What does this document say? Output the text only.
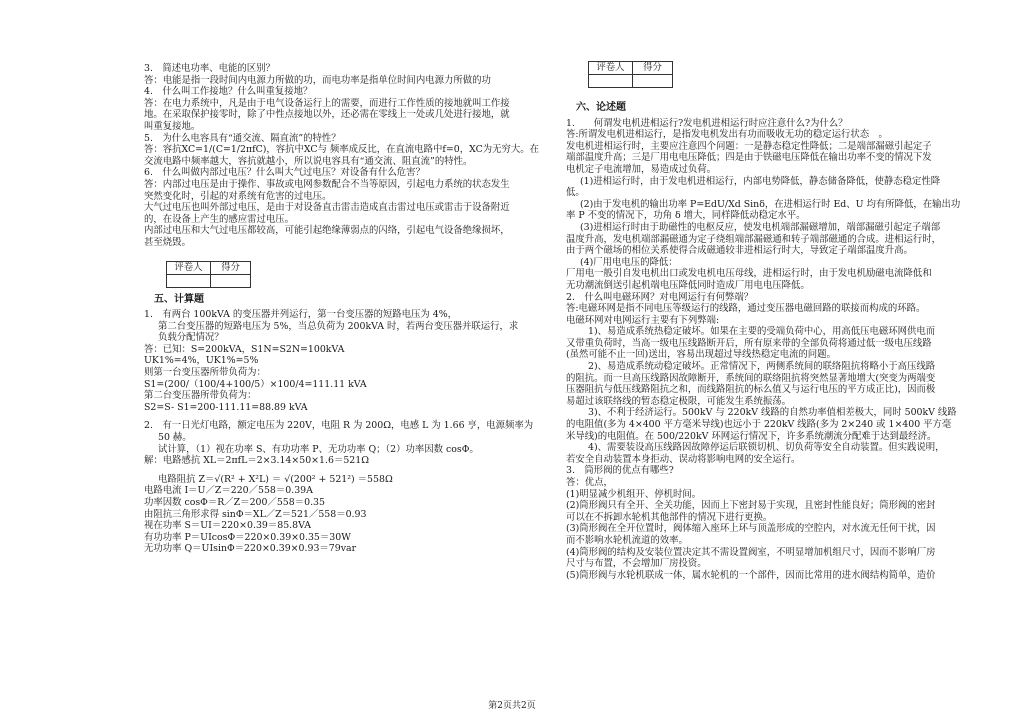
3.　简述电功率、电能的区别？
答：电能是指一段时间内电源力所做的功，而电功率是指单位时间内电源力所做的功
4.　什么叫工作接地？什么叫重复接地？
答：在电力系统中，凡是由于电气设备运行上的需要，而进行工作性质的接地就叫工作接
地。在采取保护接零时，除了中性点接地以外，还必需在零线上一处或几处进行接地，就
叫重复接地。
5.　为什么电容具有“通交流、隔直流”的特性？
答：容抗XC=1/(C=1/2πfC)，容抗中XC与 频率成反比，在直流电路中f=0，XC为无穷大。在
交流电路中频率越大，容抗就越小，所以说电容具有“通交流、阻直流”的特性。
6.　什么叫做内部过电压？什么叫大气过电压？对设备有什么危害？
答：内部过电压是由于操作、事故或电网参数配合不当等原因，引起电力系统的状态发生
突然变化时，引起的对系统有危害的过电压。
大气过电压也叫外部过电压，是由于对设备直击雷击造成直击雷过电压或雷击于设备附近
的，在设备上产生的感应雷过电压。
内部过电压和大气过电压都较高，可能引起绝缘薄弱点的闪络，引起电气设备绝缘损坏，
甚至烧毁。
评卷人	得分

五、计算题
1.　有两台 100kVA 的变压器并列运行，第一台变压器的短路电压为 4%，
第二台变压器的短路电压为 5%，当总负荷为 200kVA 时，若两台变压器并联运行，求
负载分配情况？
答：已知：S=200kVA，S1N=S2N=100kVA
UK1%=4%，UK1%=5%
则第一台变压器所带负荷为：
S1=(200/（100/4+100/5）×100/4=111.11 kVA
第二台变压器所带负荷为：
S2=S- S1=200-111.11=88.89 kVA
2.　有一日光灯电路，额定电压为 220V，电阻 R 为 200Ω，电感 L 为 1.66 亨，电源频率为
50 赫。
试计算，（1）视在功率 S、有功功率 P、无功功率 Q；（2）功率因数 cosΦ。
解：电路感抗 XL＝2πfL＝2×3.14×50×1.6＝521Ω
电路阻抗 Z＝√(R² + X²L) ＝ √(200² + 521²) ＝558Ω
电路电流 I＝U／Z＝220／558＝0.39A
功率因数 cosΦ＝R／Z＝200／558＝0.35
由阻抗三角形求得 sinΦ＝XL／Z＝521／558＝0.93
视在功率 S＝UI＝220×0.39＝85.8VA
有功功率 P＝UIcosΦ＝220×0.39×0.35＝30W
无功功率 Q＝UIsinΦ＝220×0.39×0.93＝79var
评卷人	得分

六、论述题
1.　　何谓发电机进相运行?发电机进相运行时应注意什么?为什么？
答:所谓发电机进相运行，是指发电机发出有功而吸收无功的稳定运行状态　。
发电机进相运行时，主要应注意四个问题：一是静态稳定性降低；二是端部漏磁引起定子
端部温度升高；三是厂用电电压降低；四是由于铁磁电压降低在输出功率不变的情况下发
电机定子电流增加，易造成过负荷。
(1)进相运行时，由于发电机进相运行，内部电势降低，静态储备降低，使静态稳定性降
低。
(2)由于发电机的输出功率 P=EdU/Xd Sinδ，在进相运行时 Ed、U 均有所降低，在输出功
率 P 不变的情况下，功角 δ 增大，同样降低动稳定水平。
(3)进相运行时由于助磁性的电枢反应，使发电机端部漏磁增加，端部漏磁引起定子端部
温度升高，发电机端部漏磁通为定子绕组端部漏磁通和转子端部磁通的合成。进相运行时，
由于两个磁场的相位关系使得合成磁通较非进相运行时大，导致定子端部温度升高。
(4)厂用电电压的降低：
厂用电一般引自发电机出口或发电机电压母线，进相运行时，由于发电机励磁电流降低和
无功潮流倒送引起机端电压降低同时造成厂用电电压降低。
2.　什么叫电磁环网？对电网运行有何弊端？
答:电磁环网是指不同电压等级运行的线路，通过变压器电磁回路的联接而构成的环路。
电磁环网对电网运行主要有下列弊端:
1)、易造成系统热稳定破坏。如果在主要的受端负荷中心，用高低压电磁环网供电而
又带重负荷时，当高一级电压线路断开后，所有原来带的全部负荷将通过低一级电压线路
(虽然可能不止一回)送出，容易出现超过导线热稳定电流的问题。
2)、易造成系统动稳定破坏。正常情况下，两侧系统间的联络阻抗将略小于高压线路
的阻抗。而一旦高压线路因故障断开，系统间的联络阻抗将突然显著地增大(突变为两端变
压器阻抗与低压线路阻抗之和，而线路阻抗的标么值又与运行电压的平方成正比)，因而极
易超过该联络线的暂态稳定极限，可能发生系统振荡。
3)、不利于经济运行。500kV 与 220kV 线路的自然功率值相差极大，同时 500kV 线路
的电阻值(多为 4×400 平方毫米导线)也远小于 220kV 线路(多为 2×240 或 1×400 平方毫
米导线)的电阻值。在 500/220kV 环网运行情况下，许多系统潮流分配难于达到最经济。
4)、需要装设高压线路因故障停运后联锁切机、切负荷等安全自动装置。但实践说明，
若安全自动装置本身拒动、误动将影响电网的安全运行。
3.　筒形阀的优点有哪些?
答：优点，
(1)明显减少机组开、停机时间。
(2)筒形阀只有全开、全关功能，因而上下密封易于实现，且密封性能良好；筒形阀的密封
可以在不拆卸水轮机其他部件的情况下进行更换。
(3)筒形阀在全开位置时，阀体缩入座环上环与顶盖形成的空腔内，对水流无任何干扰，因
而不影响水轮机流道的效率。
(4)筒形阀的结构及安装位置决定其不需设置阀室，不明显增加机组尺寸，因而不影响厂房
尺寸与布置，不会增加厂房投资。
(5)筒形阀与水轮机联成一体，属水轮机的一个部件，因而比常用的进水阀结构简单，造价
第2页共2页
